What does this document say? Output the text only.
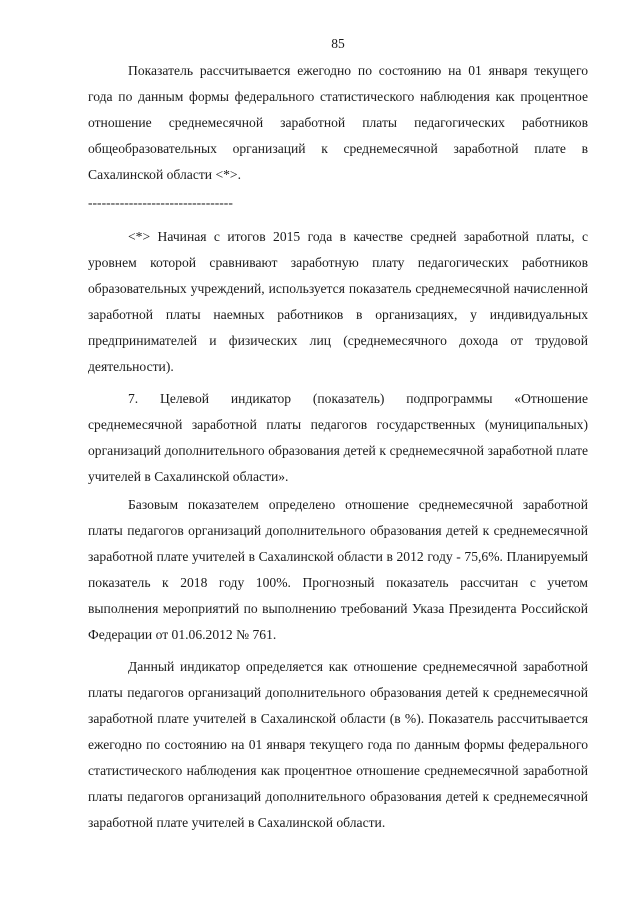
85

Показатель рассчитывается ежегодно по состоянию на 01 января текущего года по данным формы федерального статистического наблюдения как процентное отношение среднемесячной заработной платы педагогических работников общеобразовательных организаций к среднемесячной заработной плате в Сахалинской области <*>.

--------------------------------

<*> Начиная с итогов 2015 года в качестве средней заработной платы, с уровнем которой сравнивают заработную плату педагогических работников образовательных учреждений, используется показатель среднемесячной начисленной заработной платы наемных работников в организациях, у индивидуальных предпринимателей и физических лиц (среднемесячного дохода от трудовой деятельности).

7. Целевой индикатор (показатель) подпрограммы «Отношение среднемесячной заработной платы педагогов государственных (муниципальных) организаций дополнительного образования детей к среднемесячной заработной плате учителей в Сахалинской области».

Базовым показателем определено отношение среднемесячной заработной платы педагогов организаций дополнительного образования детей к среднемесячной заработной плате учителей в Сахалинской области в 2012 году - 75,6%. Планируемый показатель к 2018 году 100%. Прогнозный показатель рассчитан с учетом выполнения мероприятий по выполнению требований Указа Президента Российской Федерации от 01.06.2012 № 761.

Данный индикатор определяется как отношение среднемесячной заработной платы педагогов организаций дополнительного образования детей к среднемесячной заработной плате учителей в Сахалинской области (в %). Показатель рассчитывается ежегодно по состоянию на 01 января текущего года по данным формы федерального статистического наблюдения как процентное отношение среднемесячной заработной платы педагогов организаций дополнительного образования детей к среднемесячной заработной плате учителей в Сахалинской области.
